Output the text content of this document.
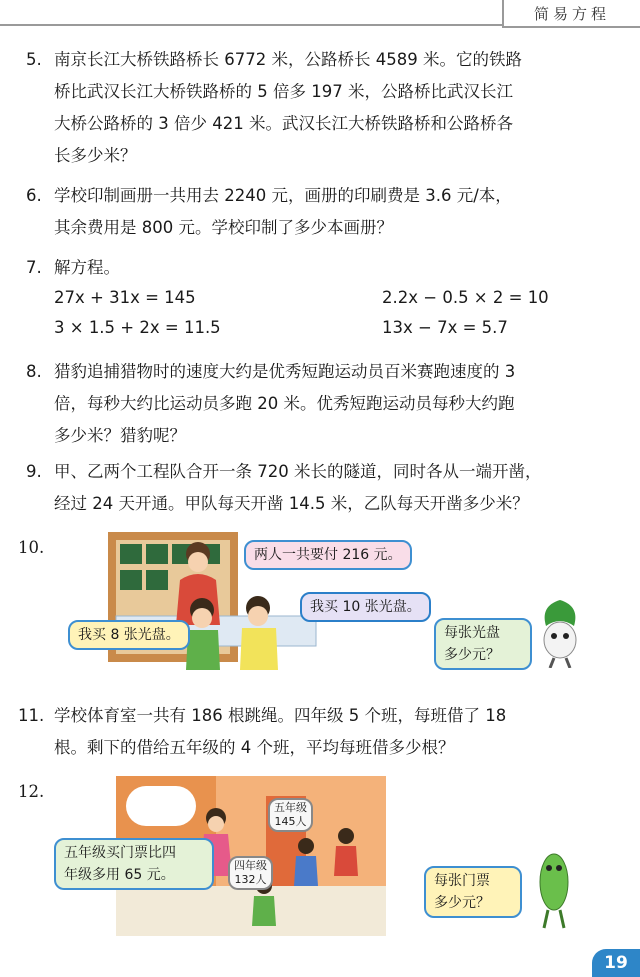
简易方程
5. 南京长江大桥铁路桥长 6772 米，公路桥长 4589 米。它的铁路
桥比武汉长江大桥铁路桥的 5 倍多 197 米，公路桥比武汉长江
大桥公路桥的 3 倍少 421 米。武汉长江大桥铁路桥和公路桥各
长多少米？
6. 学校印制画册一共用去 2240 元，画册的印刷费是 3.6 元/本，
其余费用是 800 元。学校印制了多少本画册？
7. 解方程。
27x + 31x = 145	2.2x − 0.5 × 2 = 10
3 × 1.5 + 2x = 11.5	13x − 7x = 5.7
8. 猎豹追捕猎物时的速度大约是优秀短跑运动员百米赛跑速度的 3
倍，每秒大约比运动员多跑 20 米。优秀短跑运动员每秒大约跑
多少米？猎豹呢？
9. 甲、乙两个工程队合开一条 720 米长的隧道，同时各从一端开凿，
经过 24 天开通。甲队每天开凿 14.5 米，乙队每天开凿多少米？
10.	两人一共要付 216 元。
我买 10 张光盘。
我买 8 张光盘。	每张光盘
多少元？
11. 学校体育室一共有 186 根跳绳。四年级 5 个班，每班借了 18
根。剩下的借给五年级的 4 个班，平均每班借多少根？
12.
五年级
145人
四年级
132人
五年级买门票比四
年级多用 65 元。	每张门票
多少元？
19
